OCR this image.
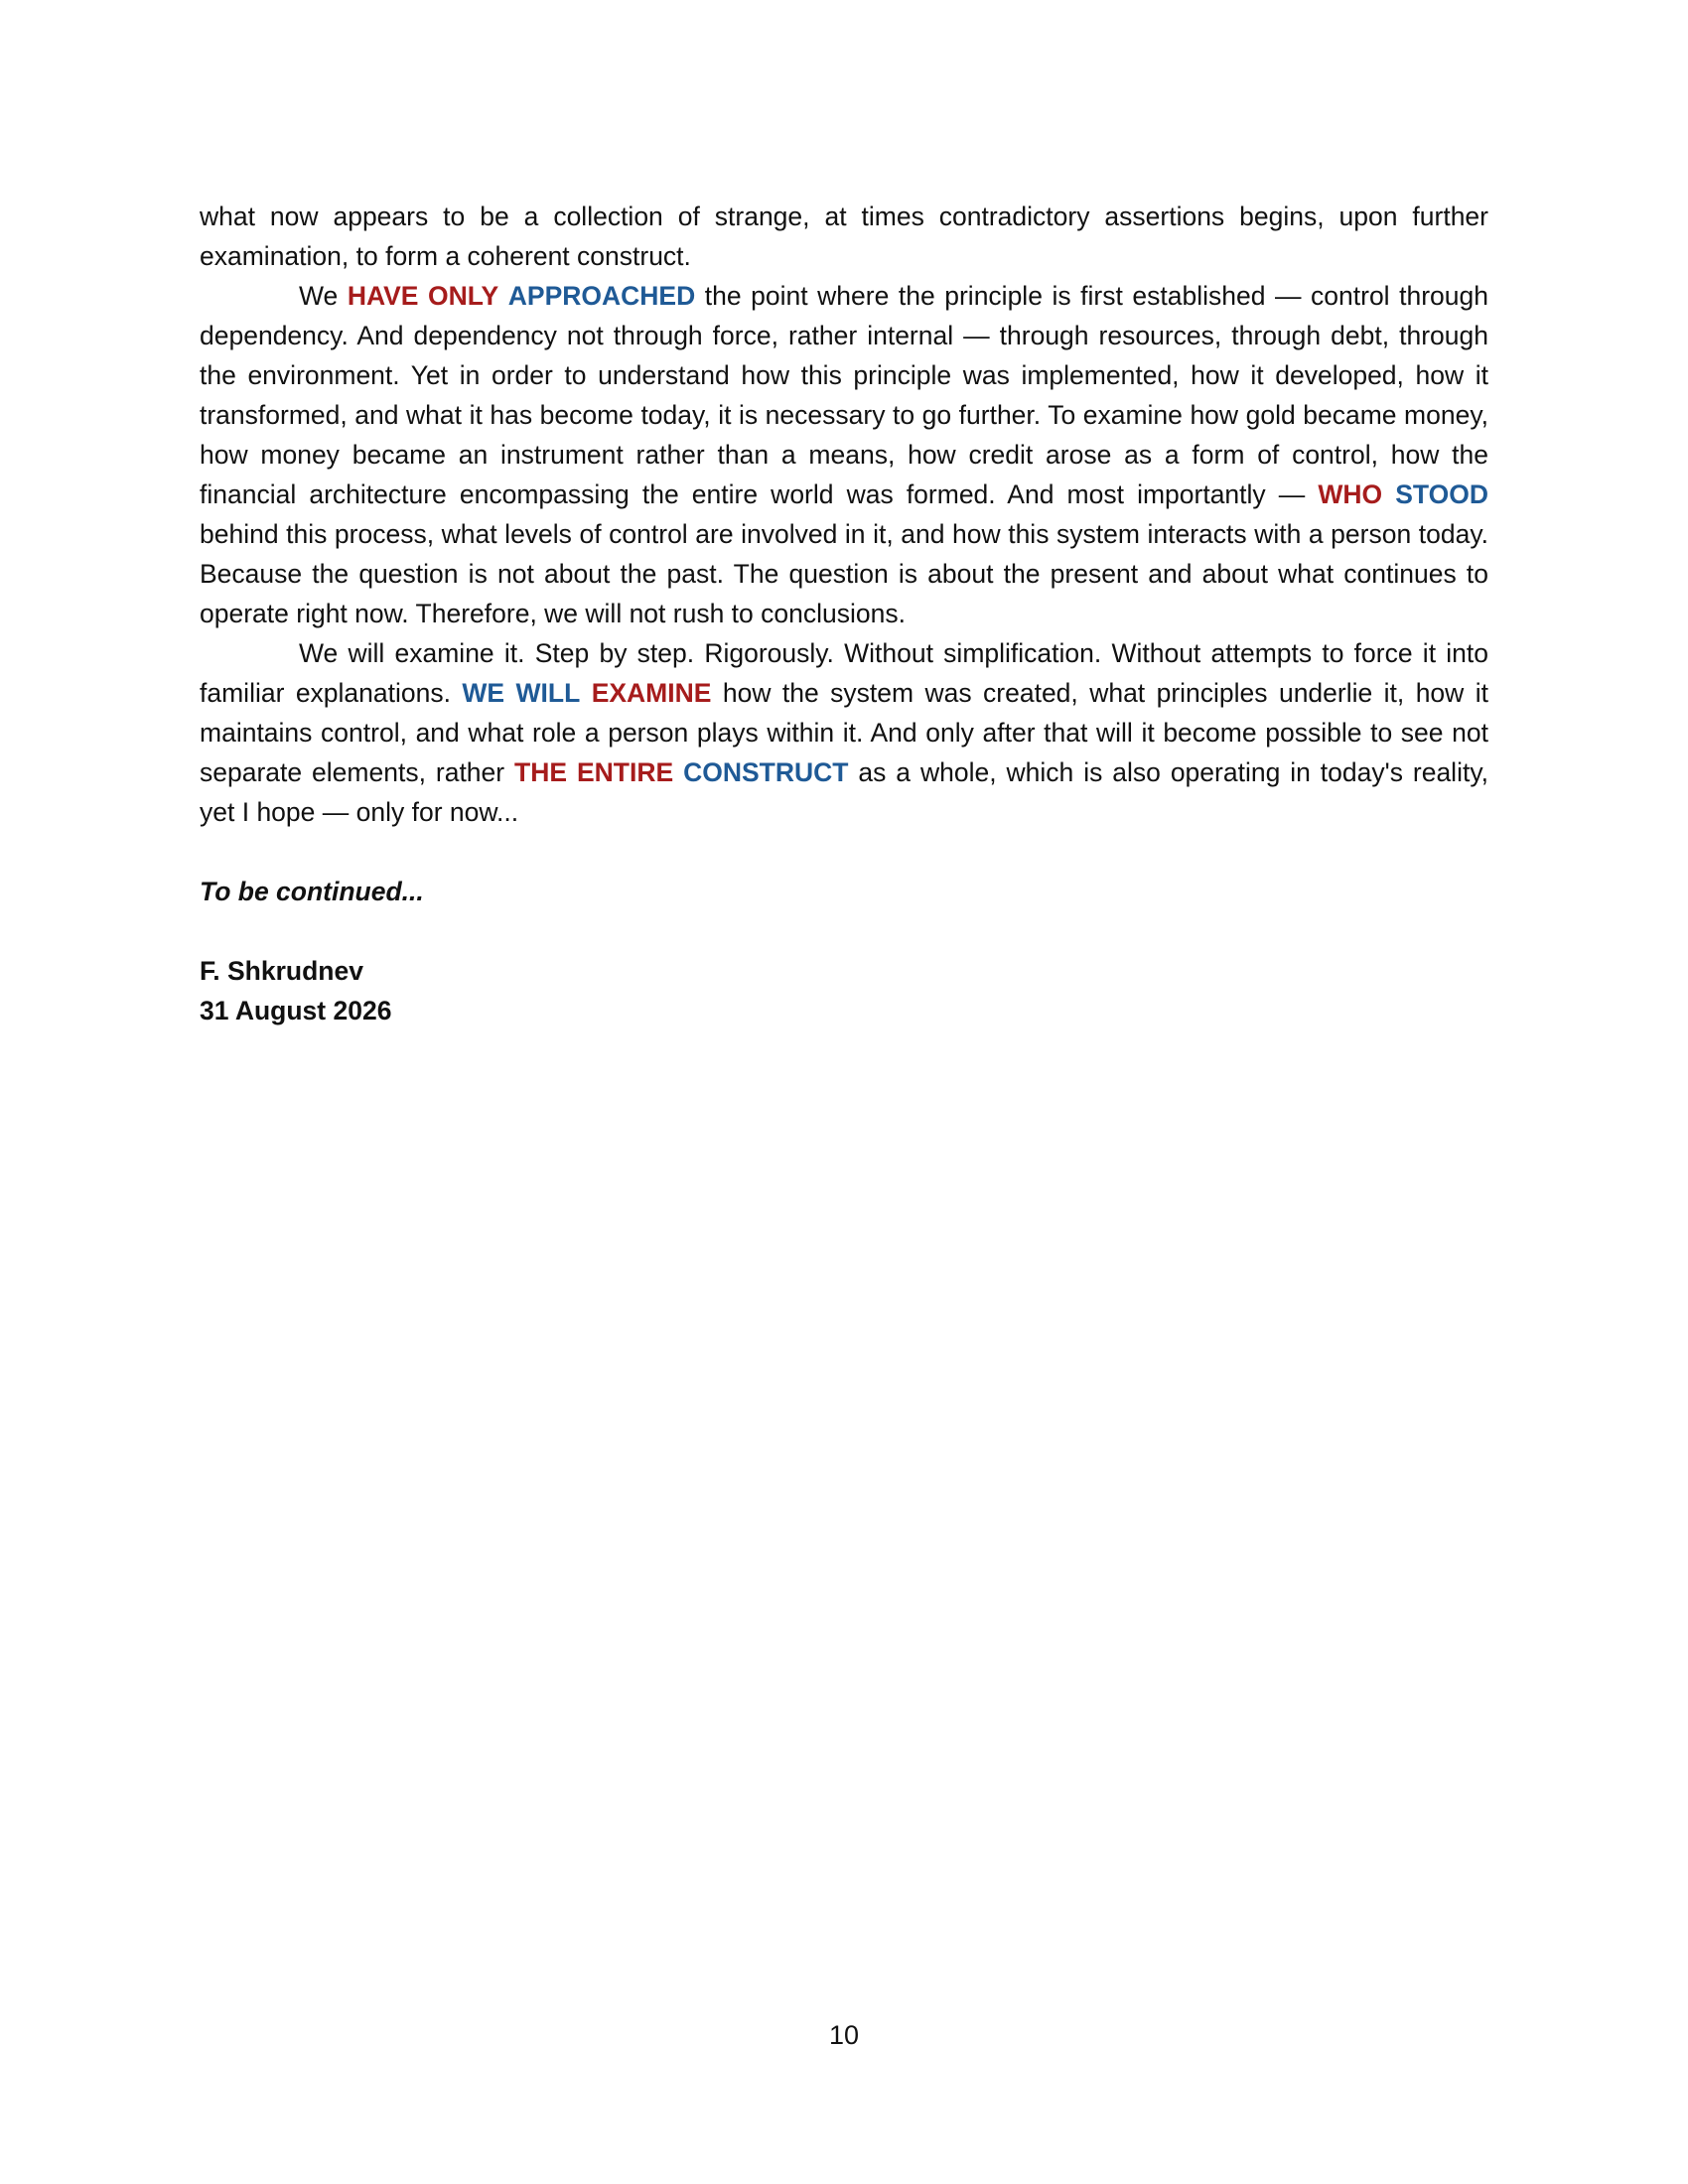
what now appears to be a collection of strange, at times contradictory assertions begins, upon further examination, to form a coherent construct.

We HAVE ONLY APPROACHED the point where the principle is first established — control through dependency. And dependency not through force, rather internal — through resources, through debt, through the environment. Yet in order to understand how this principle was implemented, how it developed, how it transformed, and what it has become today, it is necessary to go further. To examine how gold became money, how money became an instrument rather than a means, how credit arose as a form of control, how the financial architecture encompassing the entire world was formed. And most importantly — WHO STOOD behind this process, what levels of control are involved in it, and how this system interacts with a person today. Because the question is not about the past. The question is about the present and about what continues to operate right now. Therefore, we will not rush to conclusions.

We will examine it. Step by step. Rigorously. Without simplification. Without attempts to force it into familiar explanations. WE WILL EXAMINE how the system was created, what principles underlie it, how it maintains control, and what role a person plays within it. And only after that will it become possible to see not separate elements, rather THE ENTIRE CONSTRUCT as a whole, which is also operating in today's reality, yet I hope — only for now...

To be continued...
F. Shkrudnev
31 August 2026
10
